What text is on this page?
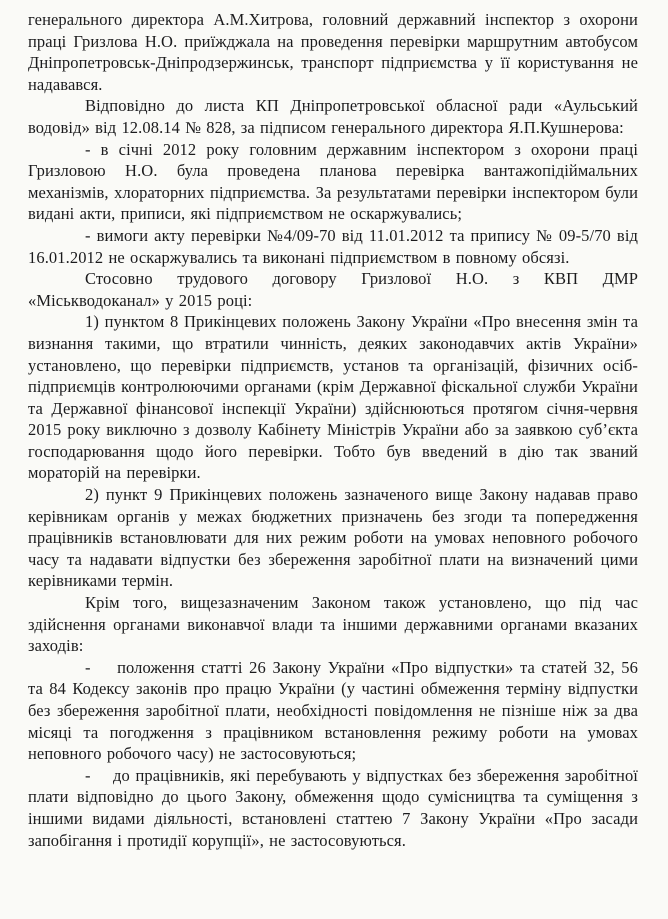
генерального директора А.М.Хитрова, головний державний інспектор з охорони праці Гризлова Н.О. приїжджала на проведення перевірки маршрутним автобусом Дніпропетровськ-Дніпродзержинськ, транспорт підприємства у її користування не надавався.

Відповідно до листа КП Дніпропетровської обласної ради «Аульський водовід» від 12.08.14 № 828, за підписом генерального директора Я.П.Кушнерова:

- в січні 2012 року головним державним інспектором з охорони праці Гризловою Н.О. була проведена планова перевірка вантажопідіймальних механізмів, хлораторних підприємства. За результатами перевірки інспектором були видані акти, приписи, які підприємством не оскаржувались;

- вимоги акту перевірки №4/09-70 від 11.01.2012 та припису № 09-5/70 від 16.01.2012 не оскаржувались та виконані підприємством в повному обсязі.

Стосовно трудового договору Гризлової Н.О. з КВП ДМР «Міськводоканал» у 2015 році:

1) пунктом 8 Прикінцевих положень Закону України «Про внесення змін та визнання такими, що втратили чинність, деяких законодавчих актів України» установлено, що перевірки підприємств, установ та організацій, фізичних осіб-підприємців контролюючими органами (крім Державної фіскальної служби України та Державної фінансової інспекції України) здійснюються протягом січня-червня 2015 року виключно з дозволу Кабінету Міністрів України або за заявкою суб’єкта господарювання щодо його перевірки. Тобто був введений в дію так званий мораторій на перевірки.

2) пункт 9 Прикінцевих положень зазначеного вище Закону надавав право керівникам органів у межах бюджетних призначень без згоди та попередження працівників встановлювати для них режим роботи на умовах неповного робочого часу та надавати відпустки без збереження заробітної плати на визначений цими керівниками термін.

Крім того, вищезазначеним Законом також установлено, що під час здійснення органами виконавчої влади та іншими державними органами вказаних заходів:

-    положення статті 26 Закону України «Про відпустки» та статей 32, 56 та 84 Кодексу законів про працю України (у частині обмеження терміну відпустки без збереження заробітної плати, необхідності повідомлення не пізніше ніж за два місяці та погодження з працівником встановлення режиму роботи на умовах неповного робочого часу) не застосовуються;

-    до працівників, які перебувають у відпустках без збереження заробітної плати відповідно до цього Закону, обмеження щодо сумісництва та суміщення з іншими видами діяльності, встановлені статтею 7 Закону України «Про засади запобігання і протидії корупції», не застосовуються.
